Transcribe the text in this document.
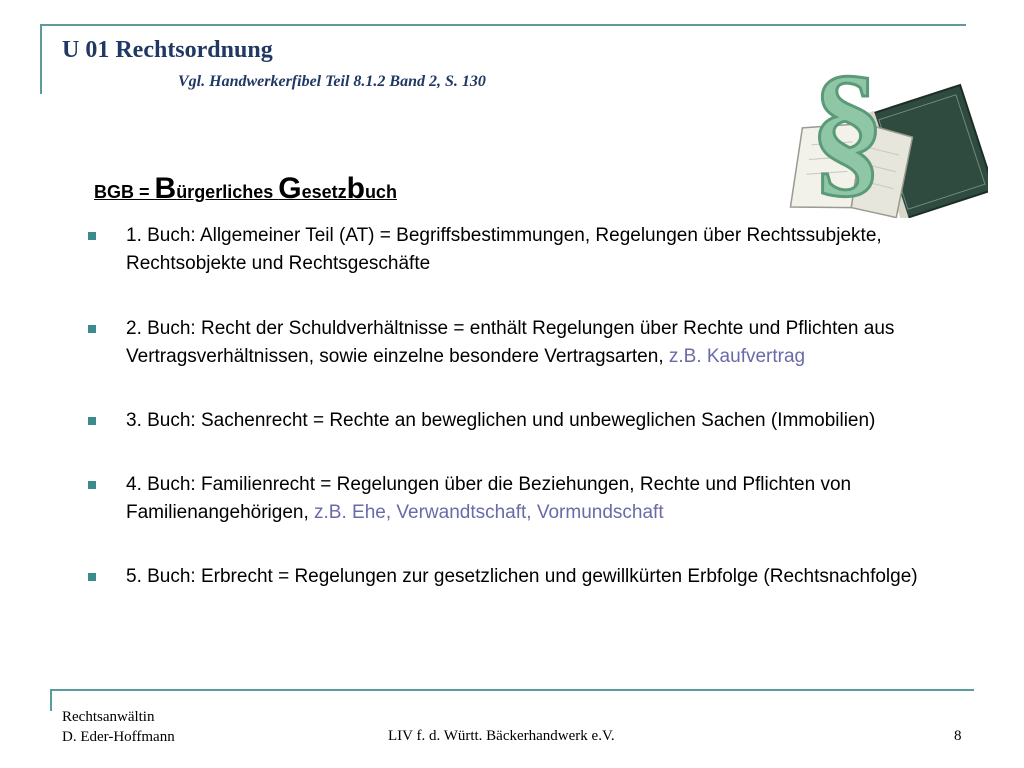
U 01 Rechtsordnung
Vgl. Handwerkerfibel Teil 8.1.2 Band 2, S. 130 §
BGB = Bürgerliches Gesetzbuch
1. Buch: Allgemeiner Teil (AT) = Begriffsbestimmungen, Regelungen über Rechtssubjekte, Rechtsobjekte und Rechtsgeschäfte
2. Buch: Recht der Schuldverhältnisse = enthält Regelungen über Rechte und Pflichten aus Vertragsverhältnissen, sowie einzelne besondere Vertragsarten, z.B. Kaufvertrag
3. Buch: Sachenrecht = Rechte an beweglichen und unbeweglichen Sachen (Immobilien)
4. Buch: Familienrecht = Regelungen über die Beziehungen, Rechte und Pflichten von Familienangehörigen, z.B. Ehe, Verwandtschaft, Vormundschaft
5. Buch: Erbrecht = Regelungen zur gesetzlichen und gewillkürten Erbfolge (Rechtsnachfolge)
Rechtsanwältin
D. Eder-Hoffmann	LIV f. d. Württ. Bäckerhandwerk e.V.	8
